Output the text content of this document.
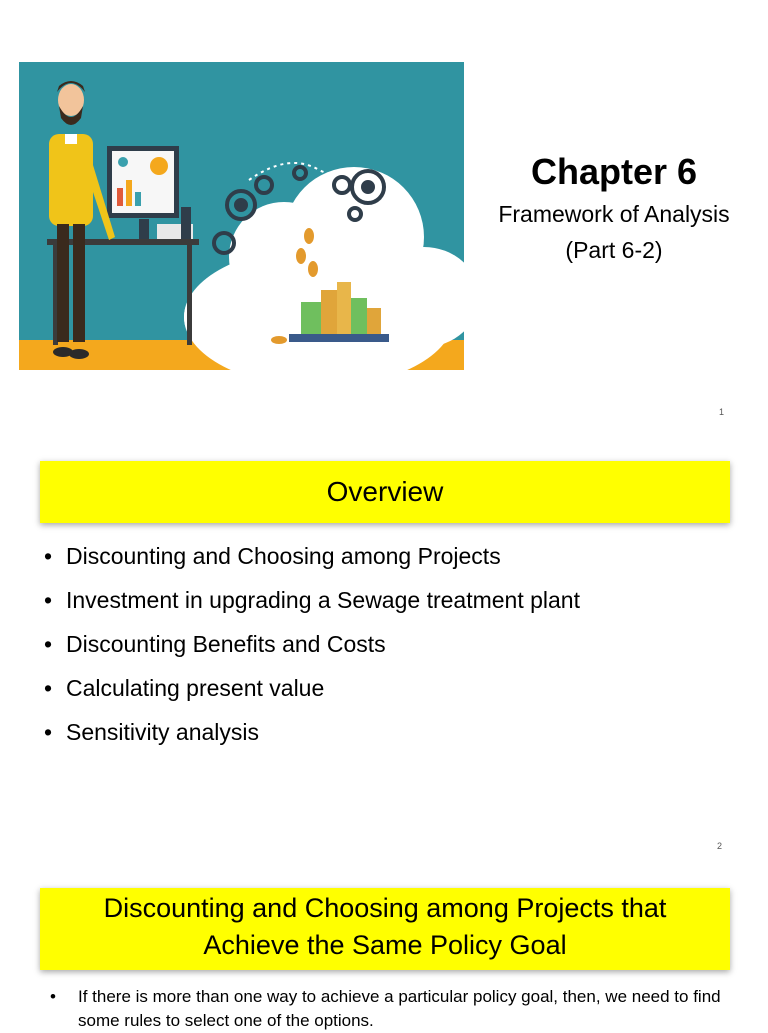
Chapter 6
Framework of Analysis
(Part 6-2)
1
Overview
• Discounting and Choosing among Projects
• Investment in upgrading a Sewage treatment plant
• Discounting Benefits and Costs
• Calculating present value
• Sensitivity analysis
2
Discounting and Choosing among Projects that
Achieve the Same Policy Goal
• If there is more than one way to achieve a particular policy goal, then, we need to find some rules to select one of the options.
